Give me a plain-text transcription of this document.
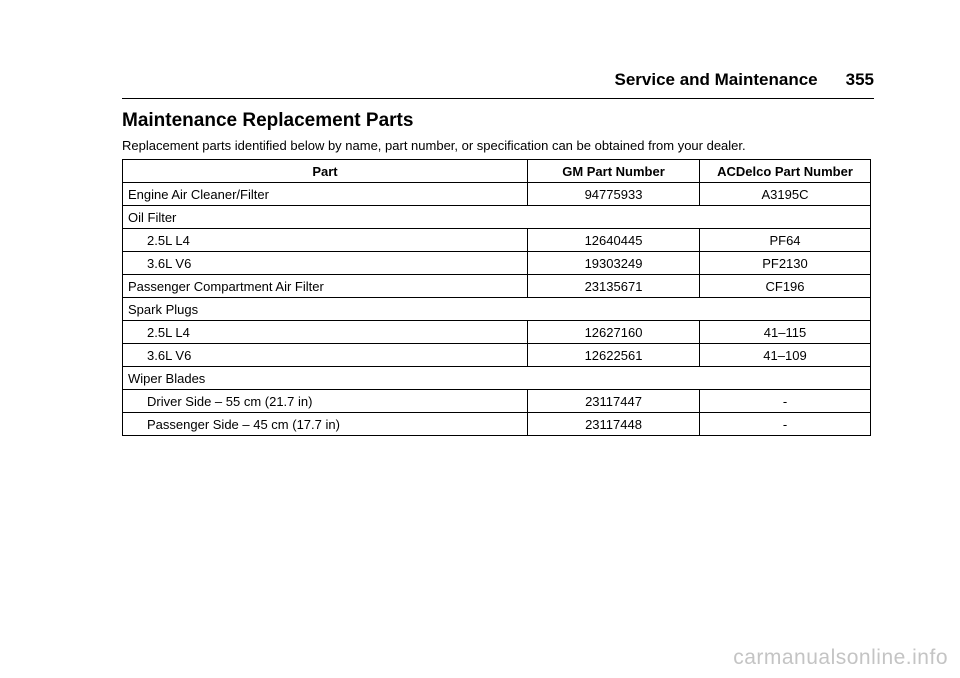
Service and Maintenance 355
Maintenance Replacement Parts

Replacement parts identified below by name, part number, or specification can be obtained from your dealer.

Part	GM Part Number	ACDelco Part Number
Engine Air Cleaner/Filter	94775933	A3195C
Oil Filter		
2.5L L4	12640445	PF64
3.6L V6	19303249	PF2130
Passenger Compartment Air Filter	23135671	CF196
Spark Plugs		
2.5L L4	12627160	41–115
3.6L V6	12622561	41–109
Wiper Blades		
Driver Side – 55 cm (21.7 in)	23117447	-
Passenger Side – 45 cm (17.7 in)	23117448	-
carmanualsonline.info
